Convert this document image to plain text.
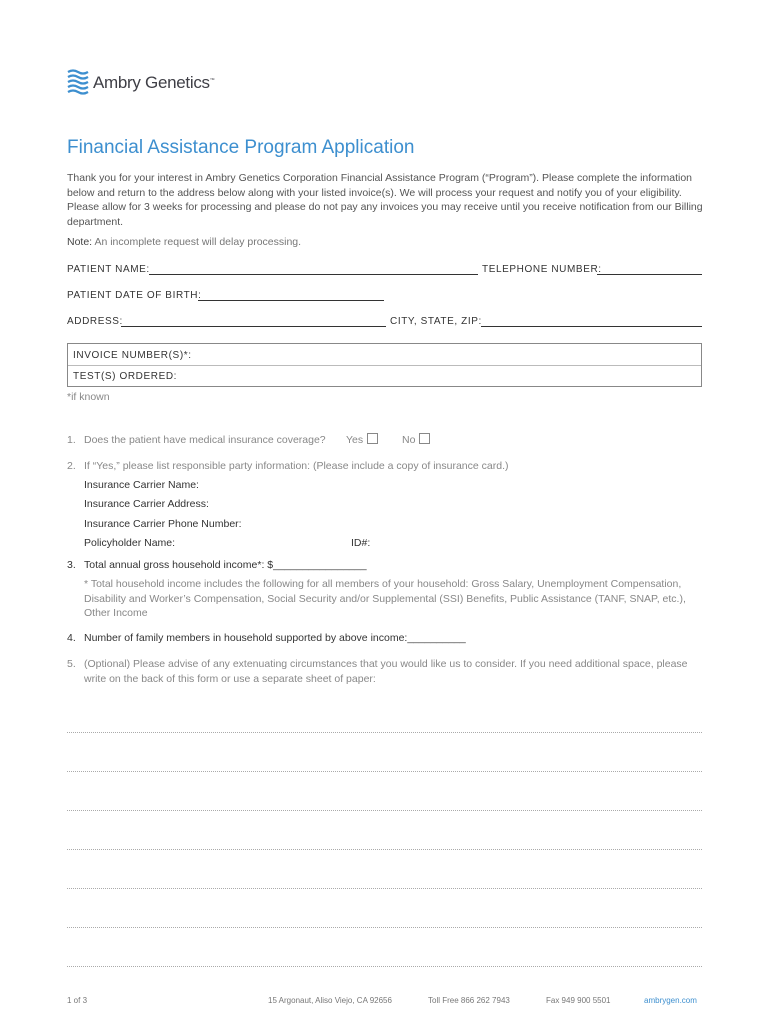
Ambry Genetics™
Financial Assistance Program Application
Thank you for your interest in Ambry Genetics Corporation Financial Assistance Program (“Program”). Please complete the information below and return to the address below along with your listed invoice(s). We will process your request and notify you of your eligibility. Please allow for 3 weeks for processing and please do not pay any invoices you may receive until you receive notification from our Billing department.
Note: An incomplete request will delay processing.
PATIENT NAME:	TELEPHONE NUMBER:
PATIENT DATE OF BIRTH:
ADDRESS:	CITY, STATE, ZIP:
INVOICE NUMBER(S)*:
TEST(S) ORDERED:
*if known
1. Does the patient have medical insurance coverage? Yes	No
2. If “Yes,” please list responsible party information: (Please include a copy of insurance card.)
Insurance Carrier Name:
Insurance Carrier Address:
Insurance Carrier Phone Number:
Policyholder Name:	ID#:
3. Total annual gross household income*: $________________
* Total household income includes the following for all members of your household: Gross Salary, Unemployment Compensation, Disability and Worker’s Compensation, Social Security and/or Supplemental (SSI) Benefits, Public Assistance (TANF, SNAP, etc.), Other Income
4. Number of family members in household supported by above income:__________
5. (Optional) Please advise of any extenuating circumstances that you would like us to consider. If you need additional space, please write on the back of this form or use a separate sheet of paper:
1 of 3	15 Argonaut, Aliso Viejo, CA 92656	Toll Free 866 262 7943	Fax 949 900 5501	ambrygen.com
